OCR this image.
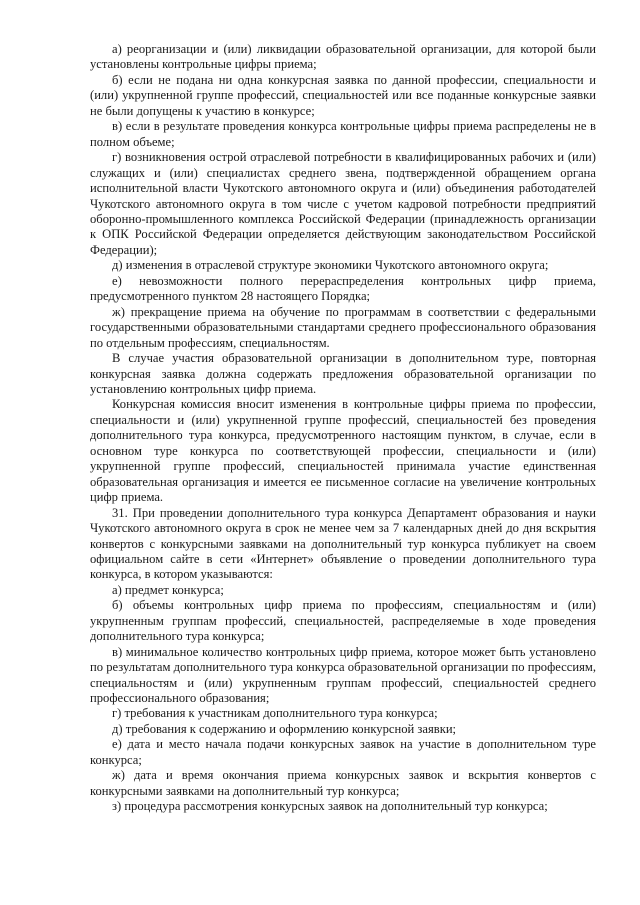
а) реорганизации и (или) ликвидации образовательной организации, для которой были установлены контрольные цифры приема;

б) если не подана ни одна конкурсная заявка по данной профессии, специальности и (или) укрупненной группе профессий, специальностей или все поданные конкурсные заявки не были допущены к участию в конкурсе;

в) если в результате проведения конкурса контрольные цифры приема распределены не в полном объеме;

г) возникновения острой отраслевой потребности в квалифицированных рабочих и (или) служащих и (или) специалистах среднего звена, подтвержденной обращением органа исполнительной власти Чукотского автономного округа и (или) объединения работодателей Чукотского автономного округа в том числе с учетом кадровой потребности предприятий оборонно-промышленного комплекса Российской Федерации (принадлежность организации к ОПК Российской Федерации определяется действующим законодательством Российской Федерации);

д) изменения в отраслевой структуре экономики Чукотского автономного округа;

е) невозможности полного перераспределения контрольных цифр приема, предусмотренного пунктом 28 настоящего Порядка;

ж) прекращение приема на обучение по программам в соответствии с федеральными государственными образовательными стандартами среднего профессионального образования по отдельным профессиям, специальностям.

В случае участия образовательной организации в дополнительном туре, повторная конкурсная заявка должна содержать предложения образовательной организации по установлению контрольных цифр приема.

Конкурсная комиссия вносит изменения в контрольные цифры приема по профессии, специальности и (или) укрупненной группе профессий, специальностей без проведения дополнительного тура конкурса, предусмотренного настоящим пунктом, в случае, если в основном туре конкурса по соответствующей профессии, специальности и (или) укрупненной группе профессий, специальностей принимала участие единственная образовательная организация и имеется ее письменное согласие на увеличение контрольных цифр приема.

31. При проведении дополнительного тура конкурса Департамент образования и науки Чукотского автономного округа в срок не менее чем за 7 календарных дней до дня вскрытия конвертов с конкурсными заявками на дополнительный тур конкурса публикует на своем официальном сайте в сети «Интернет» объявление о проведении дополнительного тура конкурса, в котором указываются:

а) предмет конкурса;

б) объемы контрольных цифр приема по профессиям, специальностям и (или) укрупненным группам профессий, специальностей, распределяемые в ходе проведения дополнительного тура конкурса;

в) минимальное количество контрольных цифр приема, которое может быть установлено по результатам дополнительного тура конкурса образовательной организации по профессиям, специальностям и (или) укрупненным группам профессий, специальностей среднего профессионального образования;

г) требования к участникам дополнительного тура конкурса;

д) требования к содержанию и оформлению конкурсной заявки;

е) дата и место начала подачи конкурсных заявок на участие в дополнительном туре конкурса;

ж) дата и время окончания приема конкурсных заявок и вскрытия конвертов с конкурсными заявками на дополнительный тур конкурса;

з) процедура рассмотрения конкурсных заявок на дополнительный тур конкурса;
